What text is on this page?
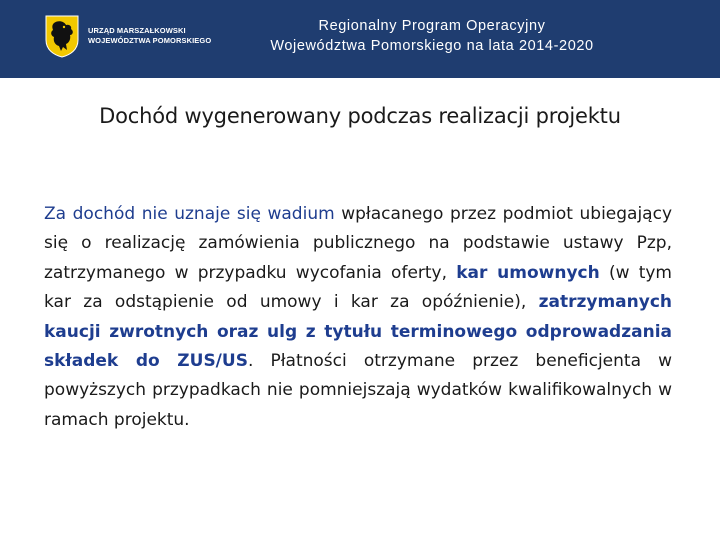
URZĄD MARSZAŁKOWSKI
WOJEWÓDZTWA POMORSKIEGO
Regionalny Program Operacyjny
Województwa Pomorskiego na lata 2014-2020
Dochód wygenerowany podczas realizacji projektu

Za dochód nie uznaje się wadium wpłacanego przez podmiot ubiegający się o realizację zamówienia publicznego na podstawie ustawy Pzp, zatrzymanego w przypadku wycofania oferty, kar umownych (w tym kar za odstąpienie od umowy i kar za opóźnienie), zatrzymanych kaucji zwrotnych oraz ulg z tytułu terminowego odprowadzania składek do ZUS/US. Płatności otrzymane przez beneficjenta w powyższych przypadkach nie pomniejszają wydatków kwalifikowalnych w ramach projektu.
